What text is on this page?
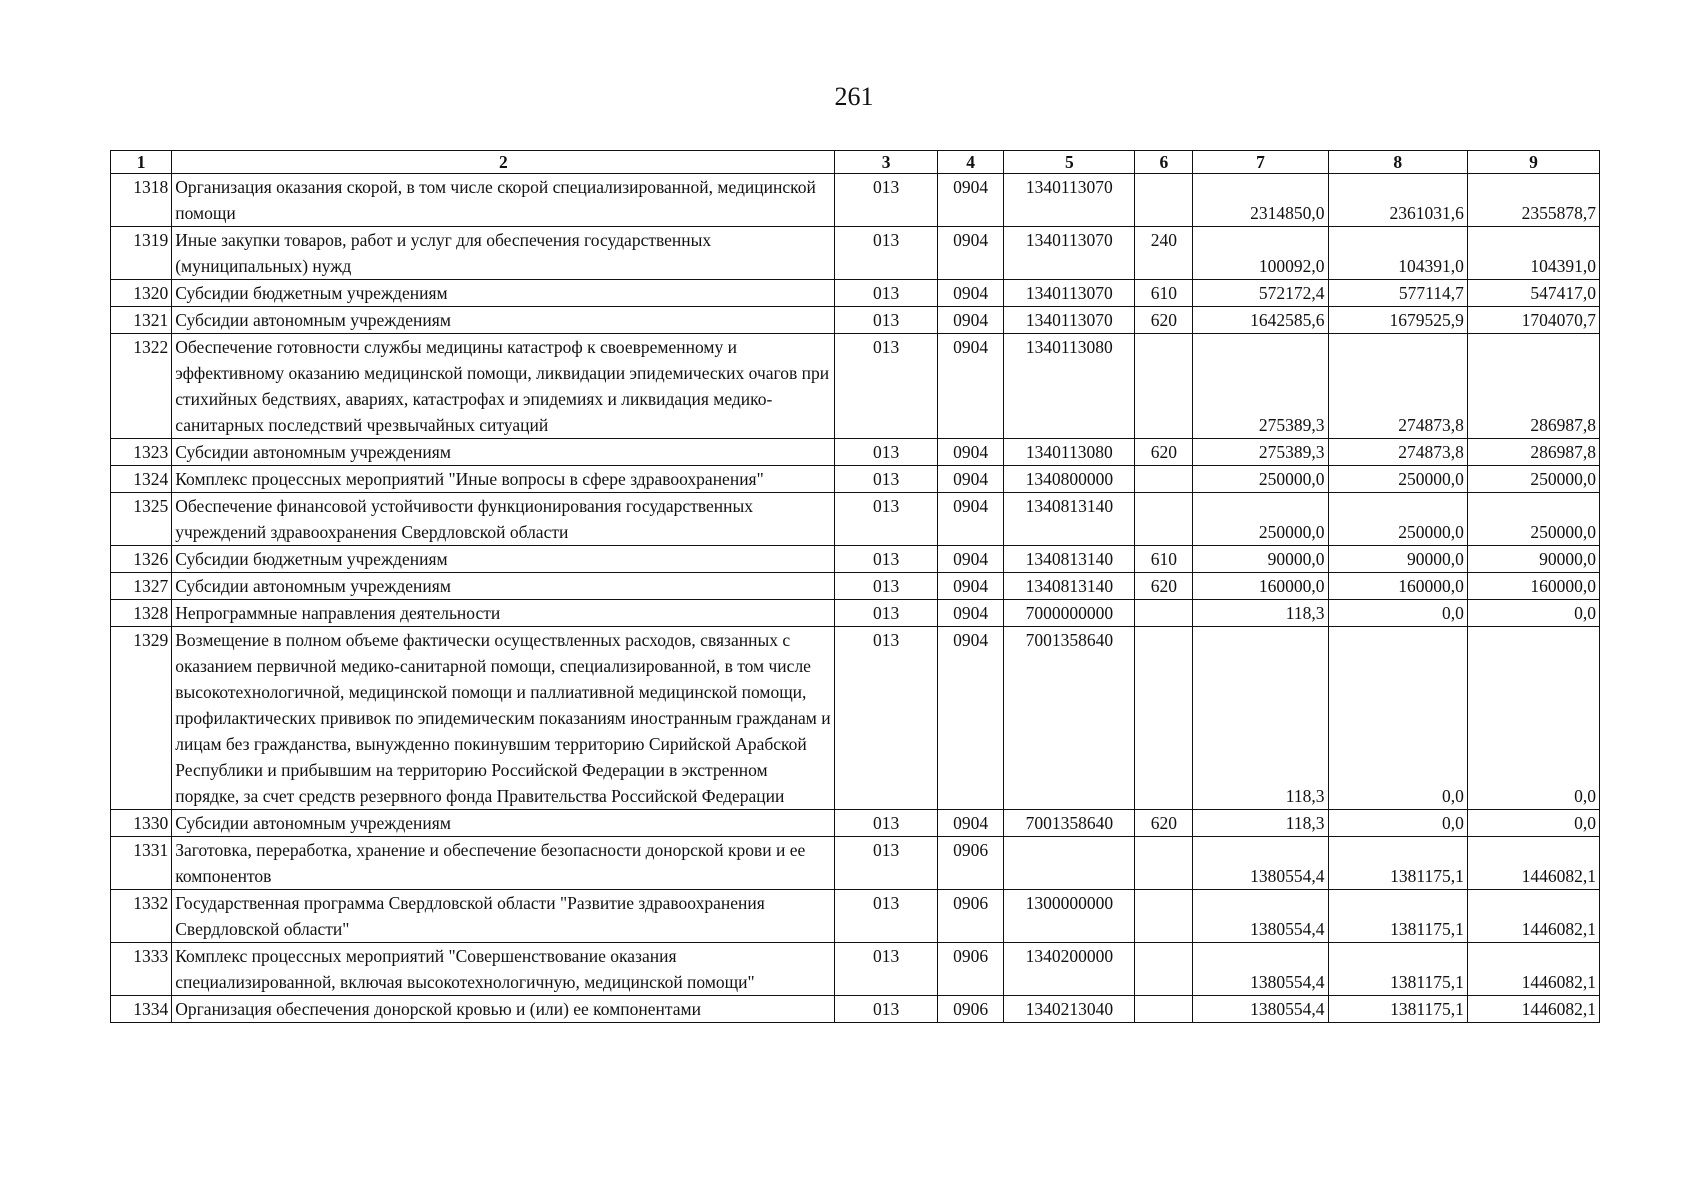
261
1	2	3	4	5	6	7	8	9
1318	Организация оказания скорой, в том числе скорой специализированной, медицинской помощи	013	0904	1340113070		2314850,0	2361031,6	2355878,7
1319	Иные закупки товаров, работ и услуг для обеспечения государственных (муниципальных) нужд	013	0904	1340113070	240	100092,0	104391,0	104391,0
1320	Субсидии бюджетным учреждениям	013	0904	1340113070	610	572172,4	577114,7	547417,0
1321	Субсидии автономным учреждениям	013	0904	1340113070	620	1642585,6	1679525,9	1704070,7
1322	Обеспечение готовности службы медицины катастроф к своевременному и эффективному оказанию медицинской помощи, ликвидации эпидемических очагов при стихийных бедствиях, авариях, катастрофах и эпидемиях и ликвидация медико-санитарных последствий чрезвычайных ситуаций	013	0904	1340113080		275389,3	274873,8	286987,8
1323	Субсидии автономным учреждениям	013	0904	1340113080	620	275389,3	274873,8	286987,8
1324	Комплекс процессных мероприятий "Иные вопросы в сфере здравоохранения"	013	0904	1340800000		250000,0	250000,0	250000,0
1325	Обеспечение финансовой устойчивости функционирования государственных учреждений здравоохранения Свердловской области	013	0904	1340813140		250000,0	250000,0	250000,0
1326	Субсидии бюджетным учреждениям	013	0904	1340813140	610	90000,0	90000,0	90000,0
1327	Субсидии автономным учреждениям	013	0904	1340813140	620	160000,0	160000,0	160000,0
1328	Непрограммные направления деятельности	013	0904	7000000000		118,3	0,0	0,0
1329	Возмещение в полном объеме фактически осуществленных расходов, связанных с оказанием первичной медико-санитарной помощи, специализированной, в том числе высокотехнологичной, медицинской помощи и паллиативной медицинской помощи, профилактических прививок по эпидемическим показаниям иностранным гражданам и лицам без гражданства, вынужденно покинувшим территорию Сирийской Арабской Республики и прибывшим на территорию Российской Федерации в экстренном порядке, за счет средств резервного фонда Правительства Российской Федерации	013	0904	7001358640		118,3	0,0	0,0
1330	Субсидии автономным учреждениям	013	0904	7001358640	620	118,3	0,0	0,0
1331	Заготовка, переработка, хранение и обеспечение безопасности донорской крови и ее компонентов	013	0906			1380554,4	1381175,1	1446082,1
1332	Государственная программа Свердловской области "Развитие здравоохранения Свердловской области"	013	0906	1300000000		1380554,4	1381175,1	1446082,1
1333	Комплекс процессных мероприятий "Совершенствование оказания специализированной, включая высокотехнологичную, медицинской помощи"	013	0906	1340200000		1380554,4	1381175,1	1446082,1
1334	Организация обеспечения донорской кровью и (или) ее компонентами	013	0906	1340213040		1380554,4	1381175,1	1446082,1
